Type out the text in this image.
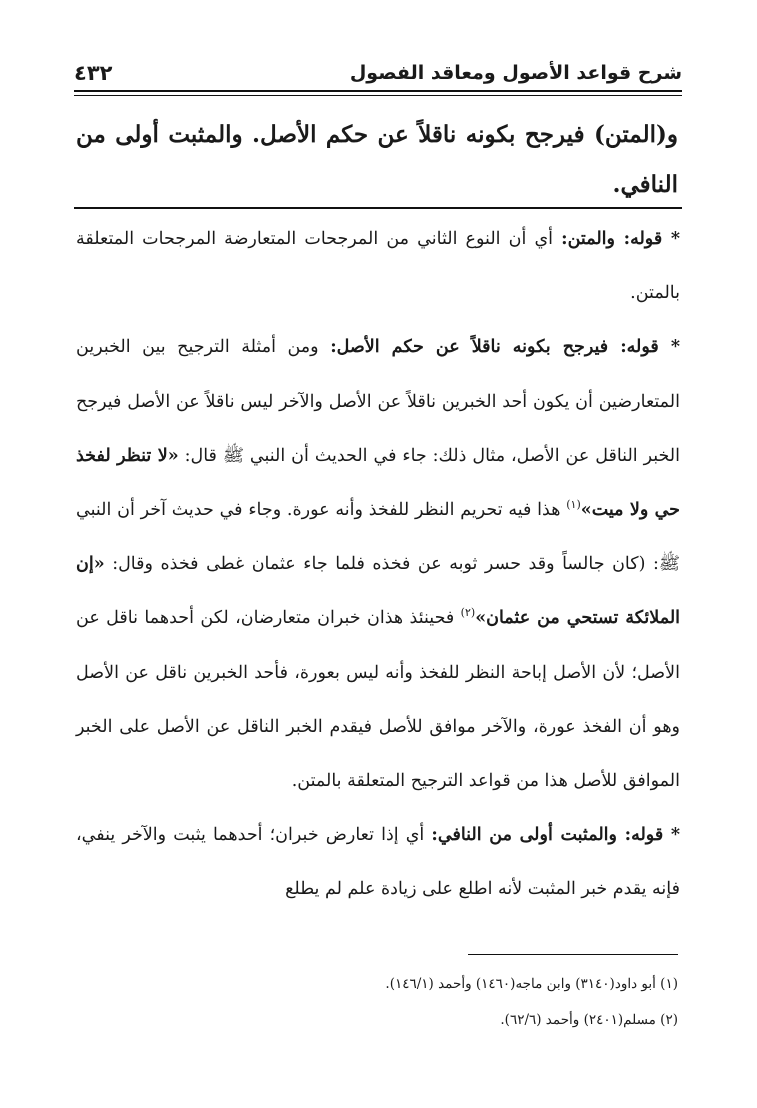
شرح قواعد الأصول ومعاقد الفصول
٤٣٢
و(المتن) فيرجح بكونه ناقلاً عن حكم الأصل. والمثبت أولى من النافي.

* قوله: والمتن: أي أن النوع الثاني من المرجحات المتعارضة المرجحات المتعلقة بالمتن.

* قوله: فيرجح بكونه ناقلاً عن حكم الأصل: ومن أمثلة الترجيح بين الخبرين المتعارضين أن يكون أحد الخبرين ناقلاً عن الأصل والآخر ليس ناقلاً عن الأصل فيرجح الخبر الناقل عن الأصل، مثال ذلك: جاء في الحديث أن النبي ﷺ قال: «لا تنظر لفخذ حي ولا ميت»$^{(١)}$ هذا فيه تحريم النظر للفخذ وأنه عورة. وجاء في حديث آخر أن النبي ﷺ: (كان جالساً وقد حسر ثوبه عن فخذه فلما جاء عثمان غطى فخذه وقال: «إن الملائكة تستحي من عثمان»$^{(٢)}$ فحينئذ هذان خبران متعارضان، لكن أحدهما ناقل عن الأصل؛ لأن الأصل إباحة النظر للفخذ وأنه ليس بعورة، فأحد الخبرين ناقل عن الأصل وهو أن الفخذ عورة، والآخر موافق للأصل فيقدم الخبر الناقل عن الأصل على الخبر الموافق للأصل هذا من قواعد الترجيح المتعلقة بالمتن.

* قوله: والمثبت أولى من النافي: أي إذا تعارض خبران؛ أحدهما يثبت والآخر ينفي، فإنه يقدم خبر المثبت لأنه اطلع على زيادة علم لم يطلع

(١) أبو داود(٣١٤٠) وابن ماجه(١٤٦٠) وأحمد (١٤٦/١).
(٢) مسلم(٢٤٠١) وأحمد (٦٢/٦).
